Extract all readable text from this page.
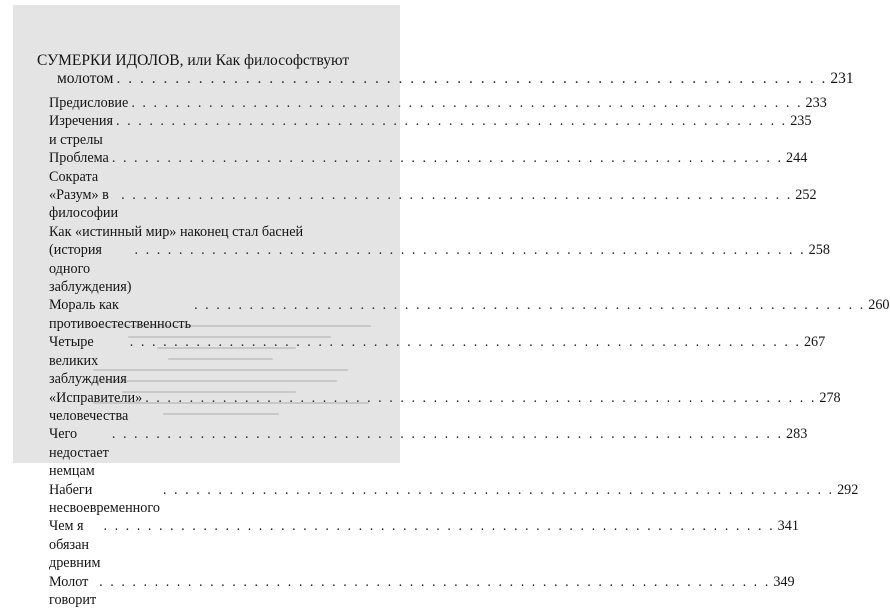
СУМЕРКИ ИДОЛОВ, или Как философствуют
молотом . . .	231
Предисловие . . .	233
Изречения и стрелы
. . .
235
Проблема Сократа
. . .
244
«Разум» в философии
. . .
252
Как «истинный мир» наконец стал басней
(история одного заблуждения)
. . .
258
Мораль как противоестественность
. . .
260
Четыре великих заблуждения
. . .
267
«Исправители» человечества
. . .
278
Чего недостает немцам
. . .
283
Набеги несвоевременного
. . .
292
Чем я обязан древним
. . .
341
Молот говорит
. . .
349
